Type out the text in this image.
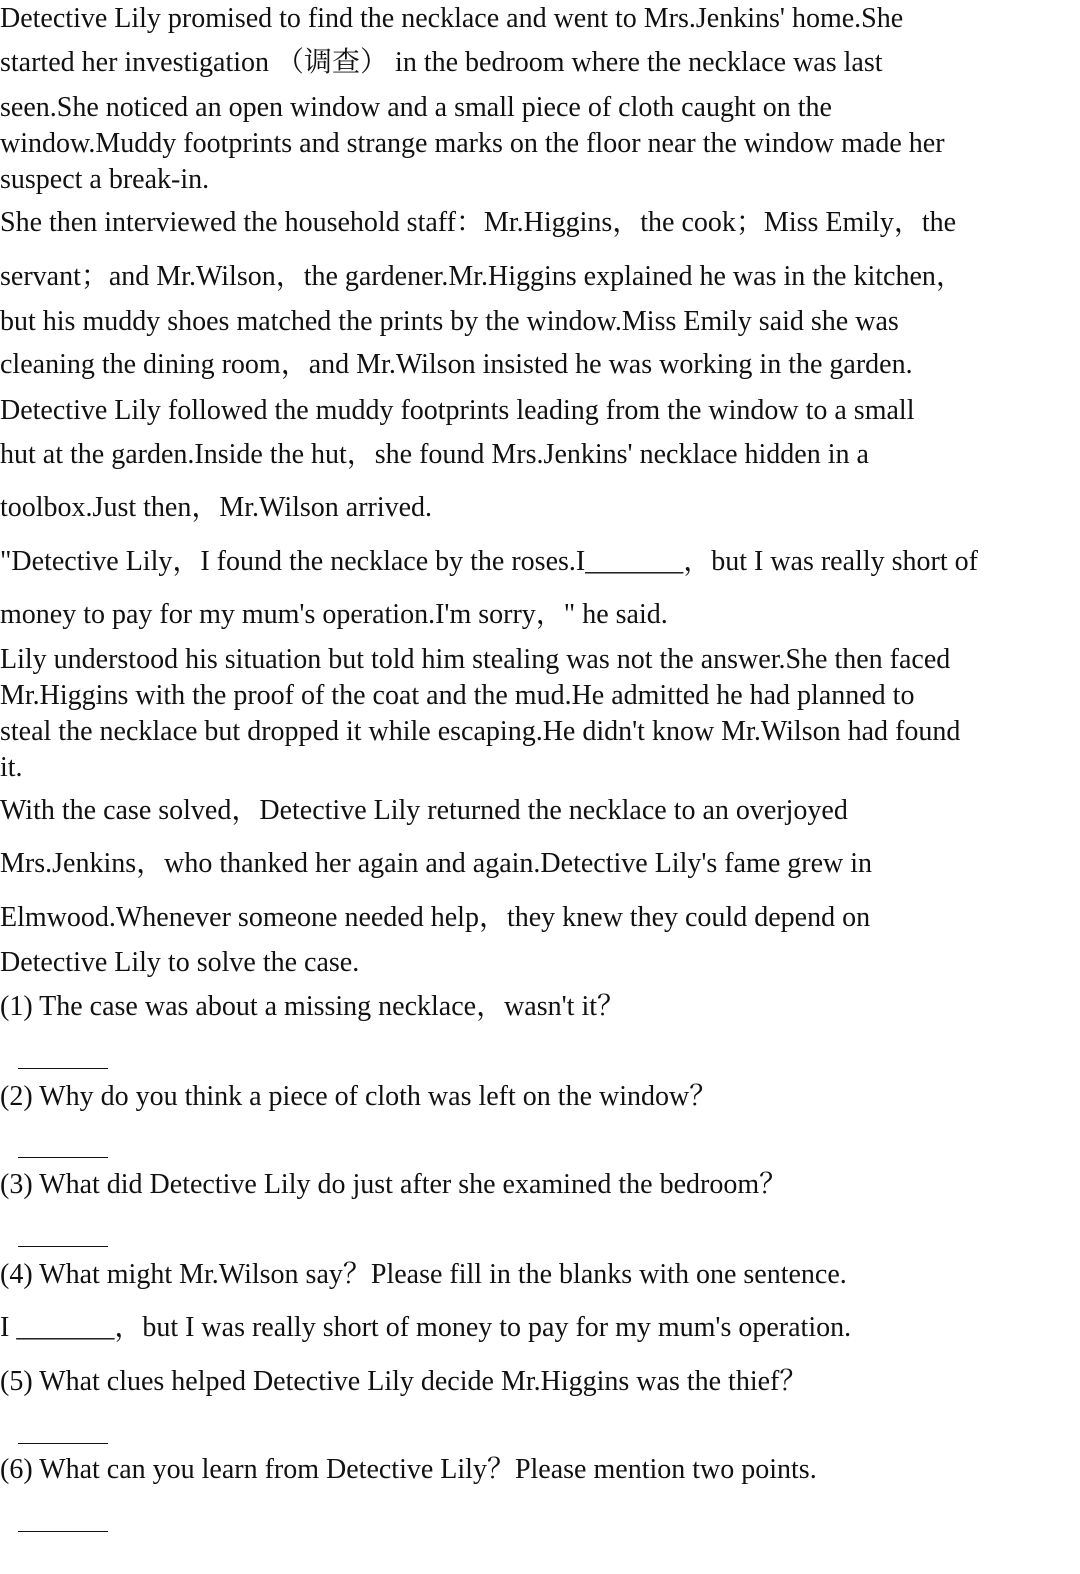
Detective Lily promised to find the necklace and went to Mrs.Jenkins' home.She
started her investigation （调查） in the bedroom where the necklace was last
seen.She noticed an open window and a small piece of cloth caught on the
window.Muddy footprints and strange marks on the floor near the window made her
suspect a break-in.
She then interviewed the household staff：Mr.Higgins，the cook；Miss Emily，the
servant；and Mr.Wilson，the gardener.Mr.Higgins explained he was in the kitchen，
but his muddy shoes matched the prints by the window.Miss Emily said she was
cleaning the dining room，and Mr.Wilson insisted he was working in the garden.
Detective Lily followed the muddy footprints leading from the window to a small
hut at the garden.Inside the hut，she found Mrs.Jenkins' necklace hidden in a
toolbox.Just then，Mr.Wilson arrived.
"Detective Lily，I found the necklace by the roses.I_______，but I was really short of
money to pay for my mum's operation.I'm sorry，" he said.
Lily understood his situation but told him stealing was not the answer.She then faced
Mr.Higgins with the proof of the coat and the mud.He admitted he had planned to
steal the necklace but dropped it while escaping.He didn't know Mr.Wilson had found
it.
With the case solved，Detective Lily returned the necklace to an overjoyed
Mrs.Jenkins，who thanked her again and again.Detective Lily's fame grew in
Elmwood.Whenever someone needed help，they knew they could depend on
Detective Lily to solve the case.
(1) The case was about a missing necklace，wasn't it？
(2) Why do you think a piece of cloth was left on the window？
(3) What did Detective Lily do just after she examined the bedroom？
(4) What might Mr.Wilson say？Please fill in the blanks with one sentence.
I _______，but I was really short of money to pay for my mum's operation.
(5) What clues helped Detective Lily decide Mr.Higgins was the thief？
(6) What can you learn from Detective Lily？Please mention two points.
